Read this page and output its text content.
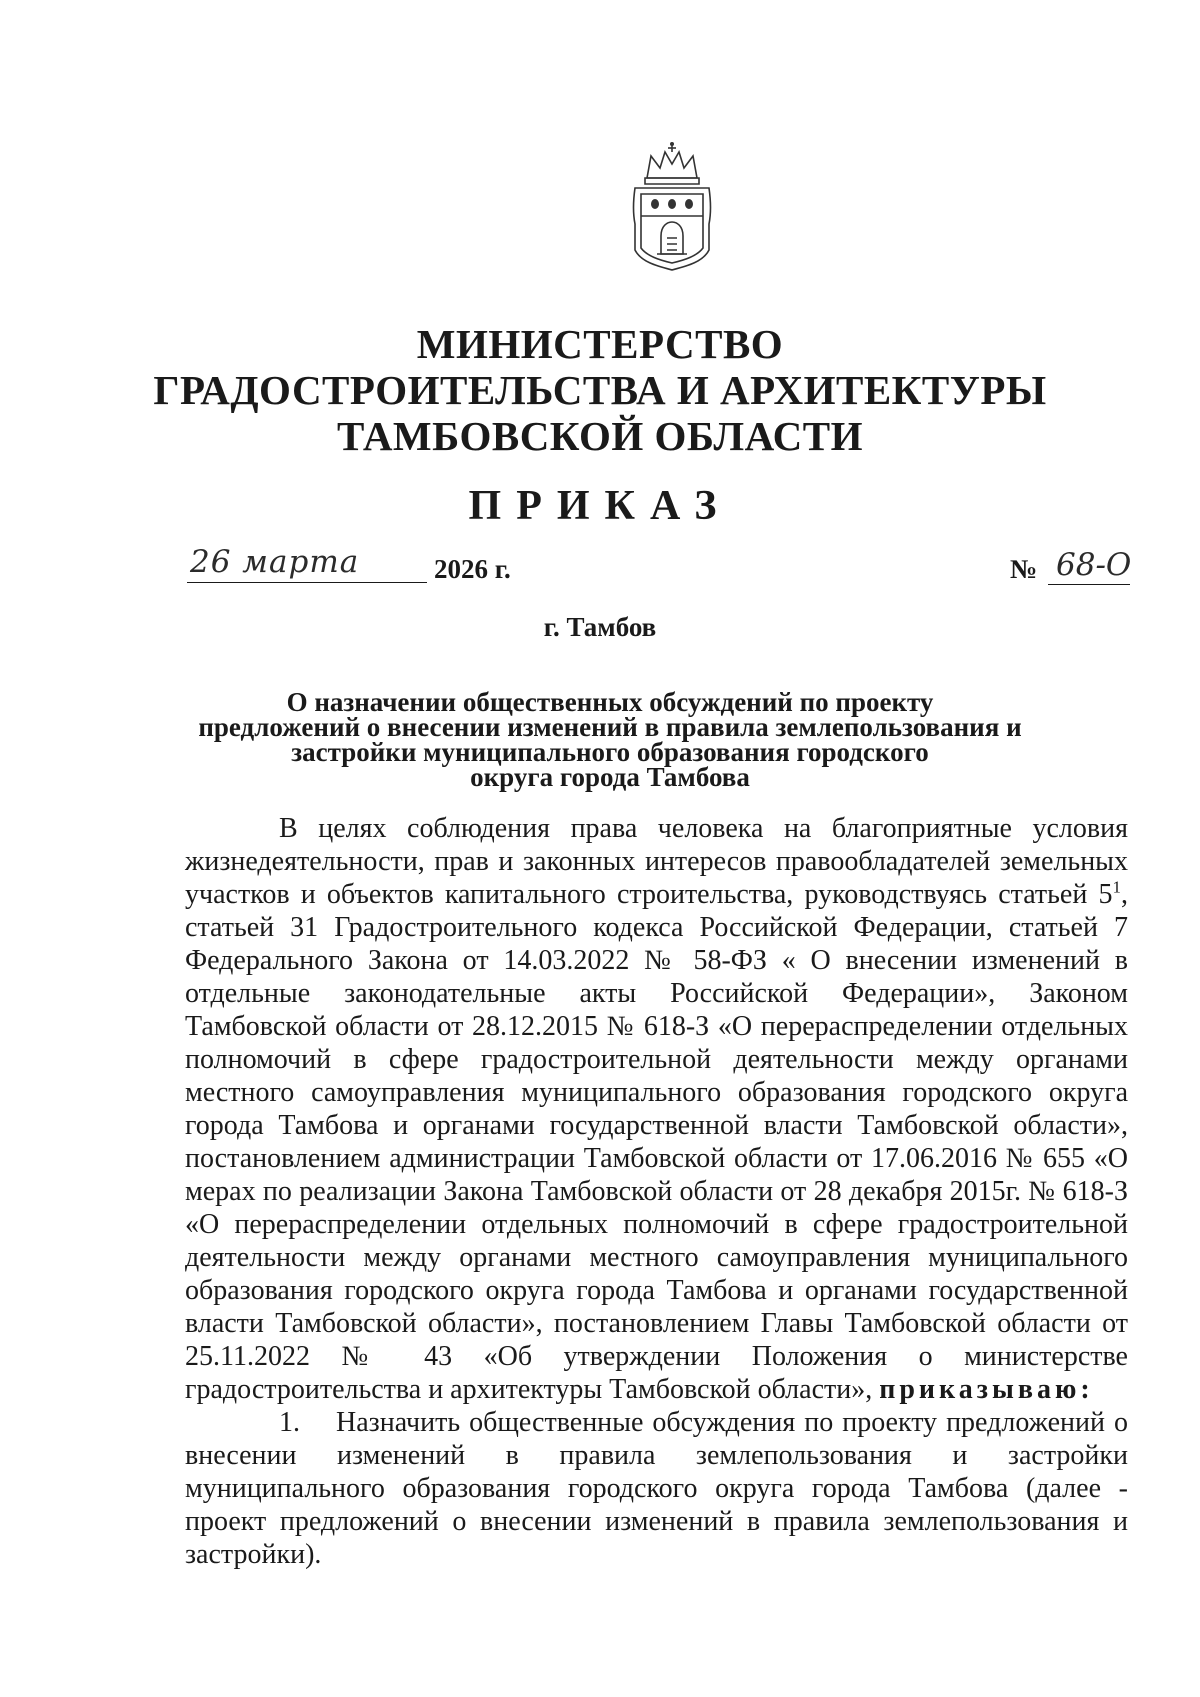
МИНИСТЕРСТВО
ГРАДОСТРОИТЕЛЬСТВА И АРХИТЕКТУРЫ
ТАМБОВСКОЙ ОБЛАСТИ
ПРИКАЗ
26 марта	2026 г.	№ 68-О
г. Тамбов
О назначении общественных обсуждений по проекту
предложений о внесении изменений в правила землепользования и
застройки муниципального образования городского
округа города Тамбова

В целях соблюдения права человека на благоприятные условия жизнедеятельности, прав и законных интересов правообладателей земельных участков и объектов капитального строительства, руководствуясь статьей $5^1$, статьей 31 Градостроительного кодекса Российской Федерации, статьей 7 Федерального Закона от 14.03.2022 № 58-ФЗ « О внесении изменений в отдельные законодательные акты Российской Федерации», Законом Тамбовской области от 28.12.2015 № 618-З «О перераспределении отдельных полномочий в сфере градостроительной деятельности между органами местного самоуправления муниципального образования городского округа города Тамбова и органами государственной власти Тамбовской области», постановлением администрации Тамбовской области от 17.06.2016 № 655 «О мерах по реализации Закона Тамбовской области от 28 декабря 2015г. № 618-З «О перераспределении отдельных полномочий в сфере градостроительной деятельности между органами местного самоуправления муниципального образования городского округа города Тамбова и органами государственной власти Тамбовской области», постановлением Главы Тамбовской области от 25.11.2022 № 43 «Об утверждении Положения о министерстве градостроительства и архитектуры Тамбовской области», приказываю:

1. Назначить общественные обсуждения по проекту предложений о внесении изменений в правила землепользования и застройки муниципального образования городского округа города Тамбова (далее - проект предложений о внесении изменений в правила землепользования и застройки).
